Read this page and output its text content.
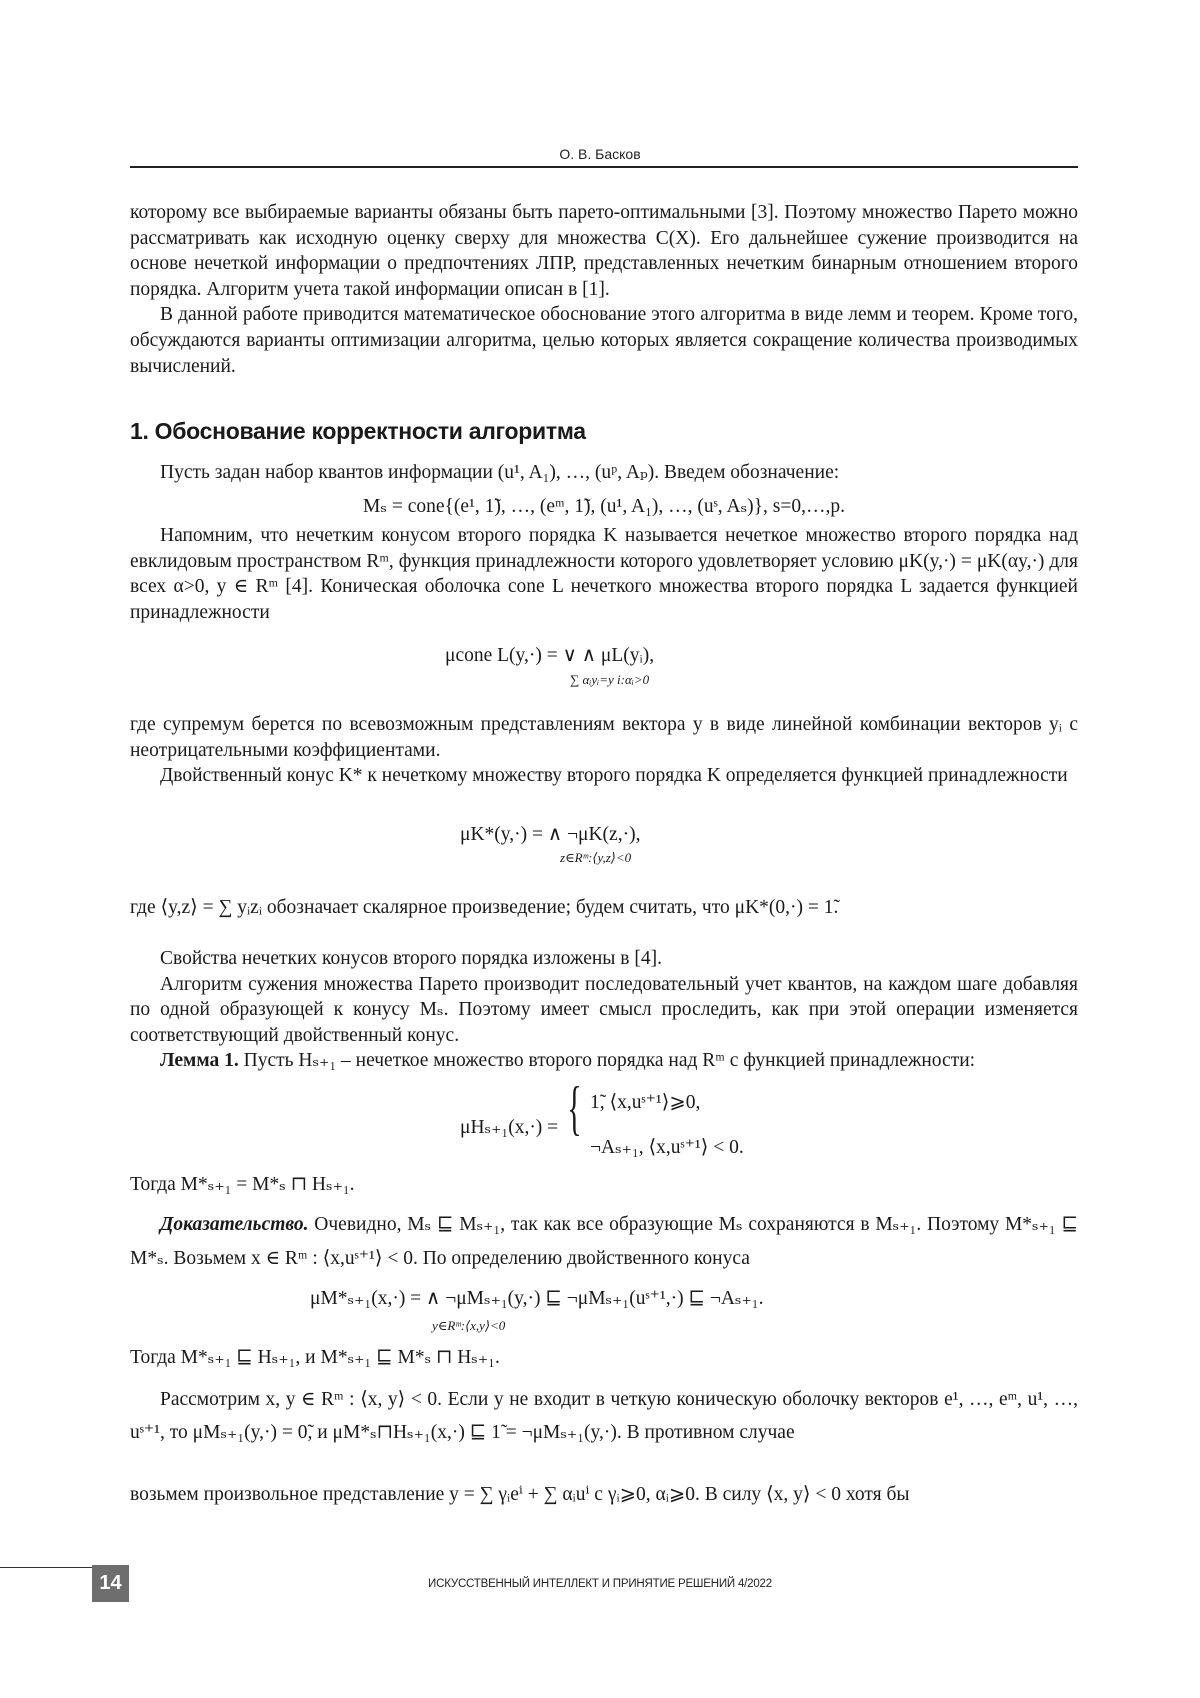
О. В. Басков

которому все выбираемые варианты обязаны быть парето-оптимальными [3]. Поэтому множество Парето можно рассматривать как исходную оценку сверху для множества C(X). Его дальнейшее сужение производится на основе нечеткой информации о предпочтениях ЛПР, представленных нечетким бинарным отношением второго порядка. Алгоритм учета такой информации описан в [1].

В данной работе приводится математическое обоснование этого алгоритма в виде лемм и теорем. Кроме того, обсуждаются варианты оптимизации алгоритма, целью которых является сокращение количества производимых вычислений.

1. Обоснование корректности алгоритма

Пусть задан набор квантов информации (u¹, A₁), …, (uᵖ, Aₚ). Введем обозначение:

Mₛ = cone{(e¹, 1̃), …, (eᵐ, 1̃), (u¹, A₁), …, (uˢ, Aₛ)}, s=0,…,p.

Напомним, что нечетким конусом второго порядка K называется нечеткое множество второго порядка над евклидовым пространством Rᵐ, функция принадлежности которого удовлетворяет условию μK(y,·) = μK(αy,·) для всех α>0, y ∈ Rᵐ [4]. Коническая оболочка cone L нечеткого множества второго порядка L задается функцией принадлежности

μcone L(y,·) = ∨ ∧ μL(yᵢ),
∑ αᵢyᵢ=y i:αᵢ>0

где супремум берется по всевозможным представлениям вектора y в виде линейной комбинации векторов yᵢ с неотрицательными коэффициентами.

Двойственный конус K* к нечеткому множеству второго порядка K определяется функцией принадлежности

μK*(y,·) = ∧ ¬μK(z,·),
z∈Rᵐ:⟨y,z⟩<0

где ⟨y,z⟩ = ∑ yᵢzᵢ обозначает скалярное произведение; будем считать, что μK*(0,·) = 1̃.

Свойства нечетких конусов второго порядка изложены в [4].

Алгоритм сужения множества Парето производит последовательный учет квантов, на каждом шаге добавляя по одной образующей к конусу Mₛ. Поэтому имеет смысл проследить, как при этой операции изменяется соответствующий двойственный конус.

Лемма 1. Пусть Hₛ₊₁ – нечеткое множество второго порядка над Rᵐ с функцией принадлежности:

μHₛ₊₁(x,·) = { 1̃, ⟨x,uˢ⁺¹⟩⩾0,
¬Aₛ₊₁, ⟨x,uˢ⁺¹⟩ < 0.

Тогда M*ₛ₊₁ = M*ₛ ⊓ Hₛ₊₁.

Доказательство. Очевидно, Mₛ ⊑ Mₛ₊₁, так как все образующие Mₛ сохраняются в Mₛ₊₁. Поэтому M*ₛ₊₁ ⊑ M*ₛ. Возьмем x ∈ Rᵐ : ⟨x,uˢ⁺¹⟩ < 0. По определению двойственного конуса

μM*ₛ₊₁(x,·) = ∧ ¬μMₛ₊₁(y,·) ⊑ ¬μMₛ₊₁(uˢ⁺¹,·) ⊑ ¬Aₛ₊₁.
y∈Rᵐ:⟨x,y⟩<0

Тогда M*ₛ₊₁ ⊑ Hₛ₊₁, и M*ₛ₊₁ ⊑ M*ₛ ⊓ Hₛ₊₁.

Рассмотрим x, y ∈ Rᵐ : ⟨x, y⟩ < 0. Если y не входит в четкую коническую оболочку векторов e¹, …, eᵐ, u¹, …, uˢ⁺¹, то μMₛ₊₁(y,·) = 0̃, и μM*ₛ⊓Hₛ₊₁(x,·) ⊑ 1̃ = ¬μMₛ₊₁(y,·). В противном случае

возьмем произвольное представление y = ∑ γᵢeⁱ + ∑ αᵢuⁱ с γᵢ⩾0, αᵢ⩾0. В силу ⟨x, y⟩ < 0 хотя бы

14	ИСКУССТВЕННЫЙ ИНТЕЛЛЕКТ И ПРИНЯТИЕ РЕШЕНИЙ 4/2022
